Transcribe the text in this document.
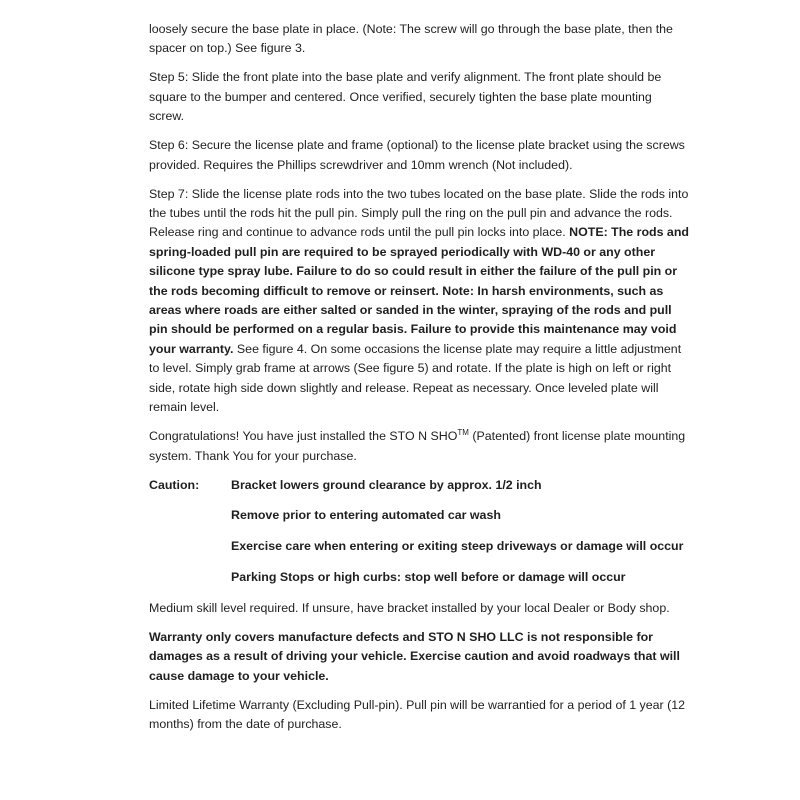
loosely secure the base plate in place. (Note: The screw will go through the base plate, then the spacer on top.) See figure 3.

Step 5: Slide the front plate into the base plate and verify alignment. The front plate should be square to the bumper and centered. Once verified, securely tighten the base plate mounting screw.

Step 6: Secure the license plate and frame (optional) to the license plate bracket using the screws provided. Requires the Phillips screwdriver and 10mm wrench (Not included).

Step 7: Slide the license plate rods into the two tubes located on the base plate. Slide the rods into the tubes until the rods hit the pull pin. Simply pull the ring on the pull pin and advance the rods. Release ring and continue to advance rods until the pull pin locks into place. NOTE: The rods and spring-loaded pull pin are required to be sprayed periodically with WD-40 or any other silicone type spray lube. Failure to do so could result in either the failure of the pull pin or the rods becoming difficult to remove or reinsert. Note: In harsh environments, such as areas where roads are either salted or sanded in the winter, spraying of the rods and pull pin should be performed on a regular basis. Failure to provide this maintenance may void your warranty. See figure 4. On some occasions the license plate may require a little adjustment to level. Simply grab frame at arrows (See figure 5) and rotate. If the plate is high on left or right side, rotate high side down slightly and release. Repeat as necessary. Once leveled plate will remain level.

Congratulations! You have just installed the STO N SHO™ (Patented) front license plate mounting system. Thank You for your purchase.

Caution:	Bracket lowers ground clearance by approx. 1/2 inch
Remove prior to entering automated car wash
Exercise care when entering or exiting steep driveways or damage will occur
Parking Stops or high curbs: stop well before or damage will occur

Medium skill level required. If unsure, have bracket installed by your local Dealer or Body shop.

Warranty only covers manufacture defects and STO N SHO LLC is not responsible for damages as a result of driving your vehicle. Exercise caution and avoid roadways that will cause damage to your vehicle.

Limited Lifetime Warranty (Excluding Pull-pin). Pull pin will be warrantied for a period of 1 year (12 months) from the date of purchase.
